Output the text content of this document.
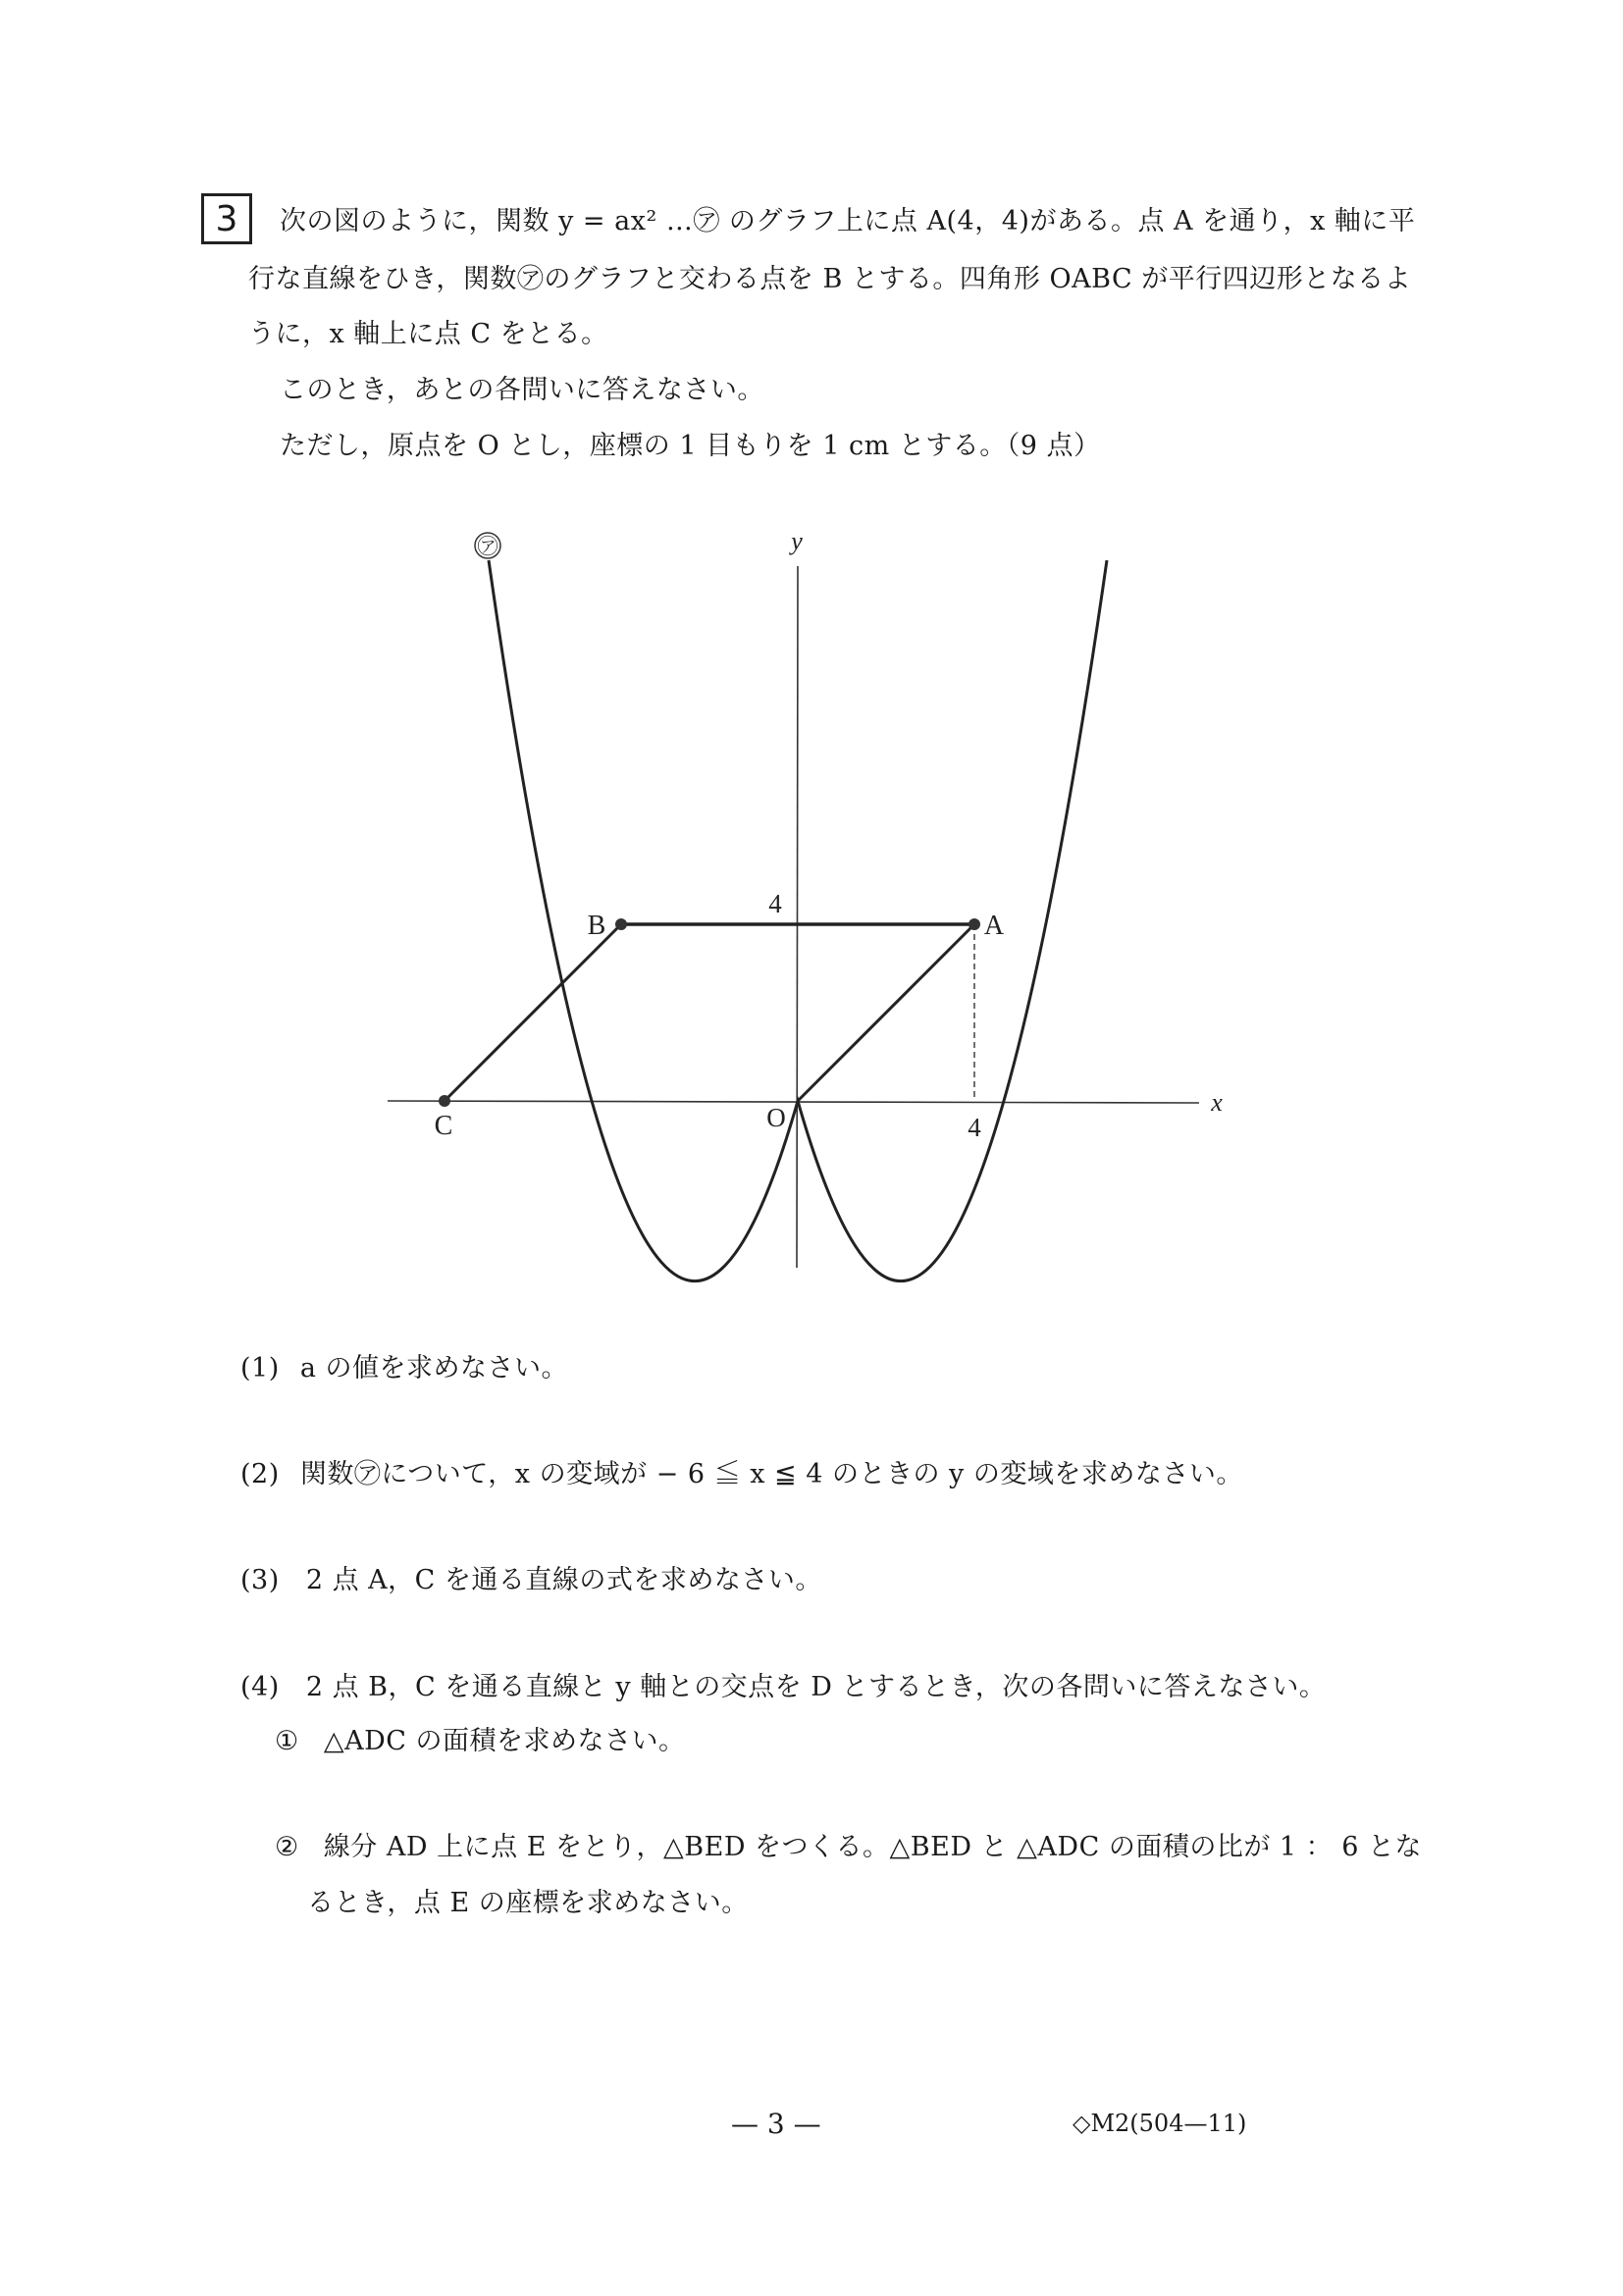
3	次の図のように，関数 y = ax² …㋐ のグラフ上に点 A(4，4)がある。点 A を通り，x 軸に平
行な直線をひき，関数㋐のグラフと交わる点を B とする。四角形 OABC が平行四辺形となるよ
うに，x 軸上に点 C をとる。
このとき，あとの各問いに答えなさい。
ただし，原点を O とし，座標の 1 目もりを 1 cm とする。（9 点）
㋐	y
x
4
4
O
B	A
C
(1) a の値を求めなさい。
(2) 関数㋐について，x の変域が − 6 ≦ x ≦ 4 のときの y の変域を求めなさい。
(3) 2 点 A，C を通る直線の式を求めなさい。
(4) 2 点 B，C を通る直線と y 軸との交点を D とするとき，次の各問いに答えなさい。
① △ADC の面積を求めなさい。
② 線分 AD 上に点 E をとり，△BED をつくる。△BED と △ADC の面積の比が 1 ： 6 とな
るとき，点 E の座標を求めなさい。
— 3 —	◇M2(504—11)
